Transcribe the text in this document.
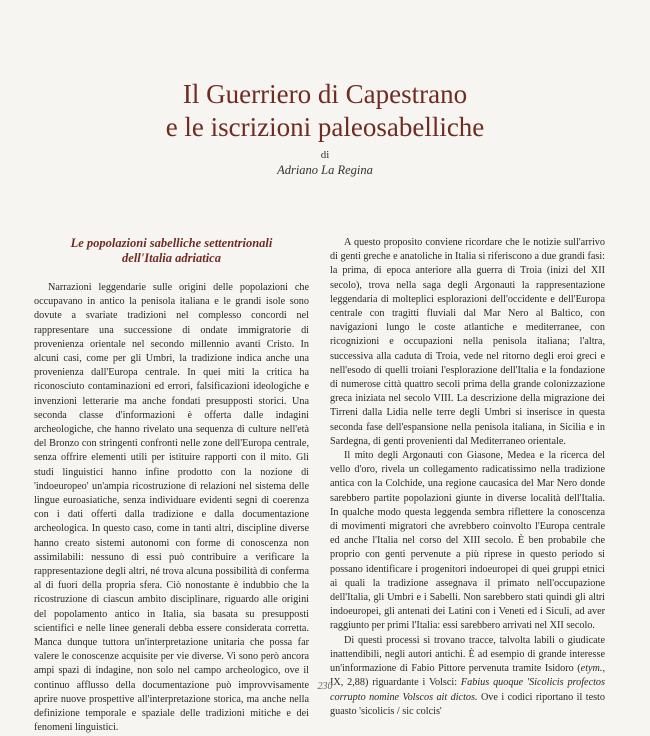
Il Guerriero di Capestrano
e le iscrizioni paleosabelliche
di
Adriano La Regina
Le popolazioni sabelliche settentrionali
dell'Italia adriatica

Narrazioni leggendarie sulle origini delle popolazioni che occupavano in antico la penisola italiana e le grandi isole sono dovute a svariate tradizioni nel complesso concordi nel rappresentare una successione di ondate immigratorie di provenienza orientale nel secondo millennio avanti Cristo. In alcuni casi, come per gli Umbri, la tradizione indica anche una provenienza dall'Europa centrale. In quei miti la critica ha riconosciuto contaminazioni ed errori, falsificazioni ideologiche e invenzioni letterarie ma anche fondati presupposti storici. Una seconda classe d'informazioni è offerta dalle indagini archeologiche, che hanno rivelato una sequenza di culture nell'età del Bronzo con stringenti confronti nelle zone dell'Europa centrale, senza offrire elementi utili per istituire rapporti con il mito. Gli studi linguistici hanno infine prodotto con la nozione di 'indoeuropeo' un'ampia ricostruzione di relazioni nel sistema delle lingue euroasiatiche, senza individuare evidenti segni di coerenza con i dati offerti dalla tradizione e dalla documentazione archeologica. In questo caso, come in tanti altri, discipline diverse hanno creato sistemi autonomi con forme di conoscenza non assimilabili: nessuno di essi può contribuire a verificare la rappresentazione degli altri, né trova alcuna possibilità di conferma al di fuori della propria sfera. Ciò nonostante è indubbio che la ricostruzione di ciascun ambito disciplinare, riguardo alle origini del popolamento antico in Italia, sia basata su presupposti scientifici e nelle linee generali debba essere considerata corretta. Manca dunque tuttora un'interpretazione unitaria che possa far valere le conoscenze acquisite per vie diverse. Vi sono però ancora ampi spazi di indagine, non solo nel campo archeologico, ove il continuo afflusso della documentazione può improvvisamente aprire nuove prospettive all'interpretazione storica, ma anche nella definizione temporale e spaziale delle tradizioni mitiche e dei fenomeni linguistici.

A questo proposito conviene ricordare che le notizie sull'arrivo di genti greche e anatoliche in Italia si riferiscono a due grandi fasi: la prima, di epoca anteriore alla guerra di Troia (inizi del XII secolo), trova nella saga degli Argonauti la rappresentazione leggendaria di molteplici esplorazioni dell'occidente e dell'Europa centrale con tragitti fluviali dal Mar Nero al Baltico, con navigazioni lungo le coste atlantiche e mediterranee, con ricognizioni e occupazioni nella penisola italiana; l'altra, successiva alla caduta di Troia, vede nel ritorno degli eroi greci e nell'esodo di quelli troiani l'esplorazione dell'Italia e la fondazione di numerose città quattro secoli prima della grande colonizzazione greca iniziata nel secolo VIII. La descrizione della migrazione dei Tirreni dalla Lidia nelle terre degli Umbri si inserisce in questa seconda fase dell'espansione nella penisola italiana, in Sicilia e in Sardegna, di genti provenienti dal Mediterraneo orientale.

Il mito degli Argonauti con Giasone, Medea e la ricerca del vello d'oro, rivela un collegamento radicatissimo nella tradizione antica con la Colchide, una regione caucasica del Mar Nero donde sarebbero partite popolazioni giunte in diverse località dell'Italia. In qualche modo questa leggenda sembra riflettere la conoscenza di movimenti migratori che avrebbero coinvolto l'Europa centrale ed anche l'Italia nel corso del XIII secolo. È ben probabile che proprio con genti pervenute a più riprese in questo periodo si possano identificare i progenitori indoeuropei di quei gruppi etnici ai quali la tradizione assegnava il primato nell'occupazione dell'Italia, gli Umbri e i Sabelli. Non sarebbero stati quindi gli altri indoeuropei, gli antenati dei Latini con i Veneti ed i Siculi, ad aver raggiunto per primi l'Italia: essi sarebbero arrivati nel XII secolo.

Di questi processi si trovano tracce, talvolta labili o giudicate inattendibili, negli autori antichi. È ad esempio di grande interesse un'informazione di Fabio Pittore pervenuta tramite Isidoro (etym., IX, 2,88) riguardante i Volsci: Fabius quoque 'Sicolicis profectos corrupto nomine Volscos ait dictos. Ove i codici riportano il testo guasto 'sicolicis / sic colcis'

230
